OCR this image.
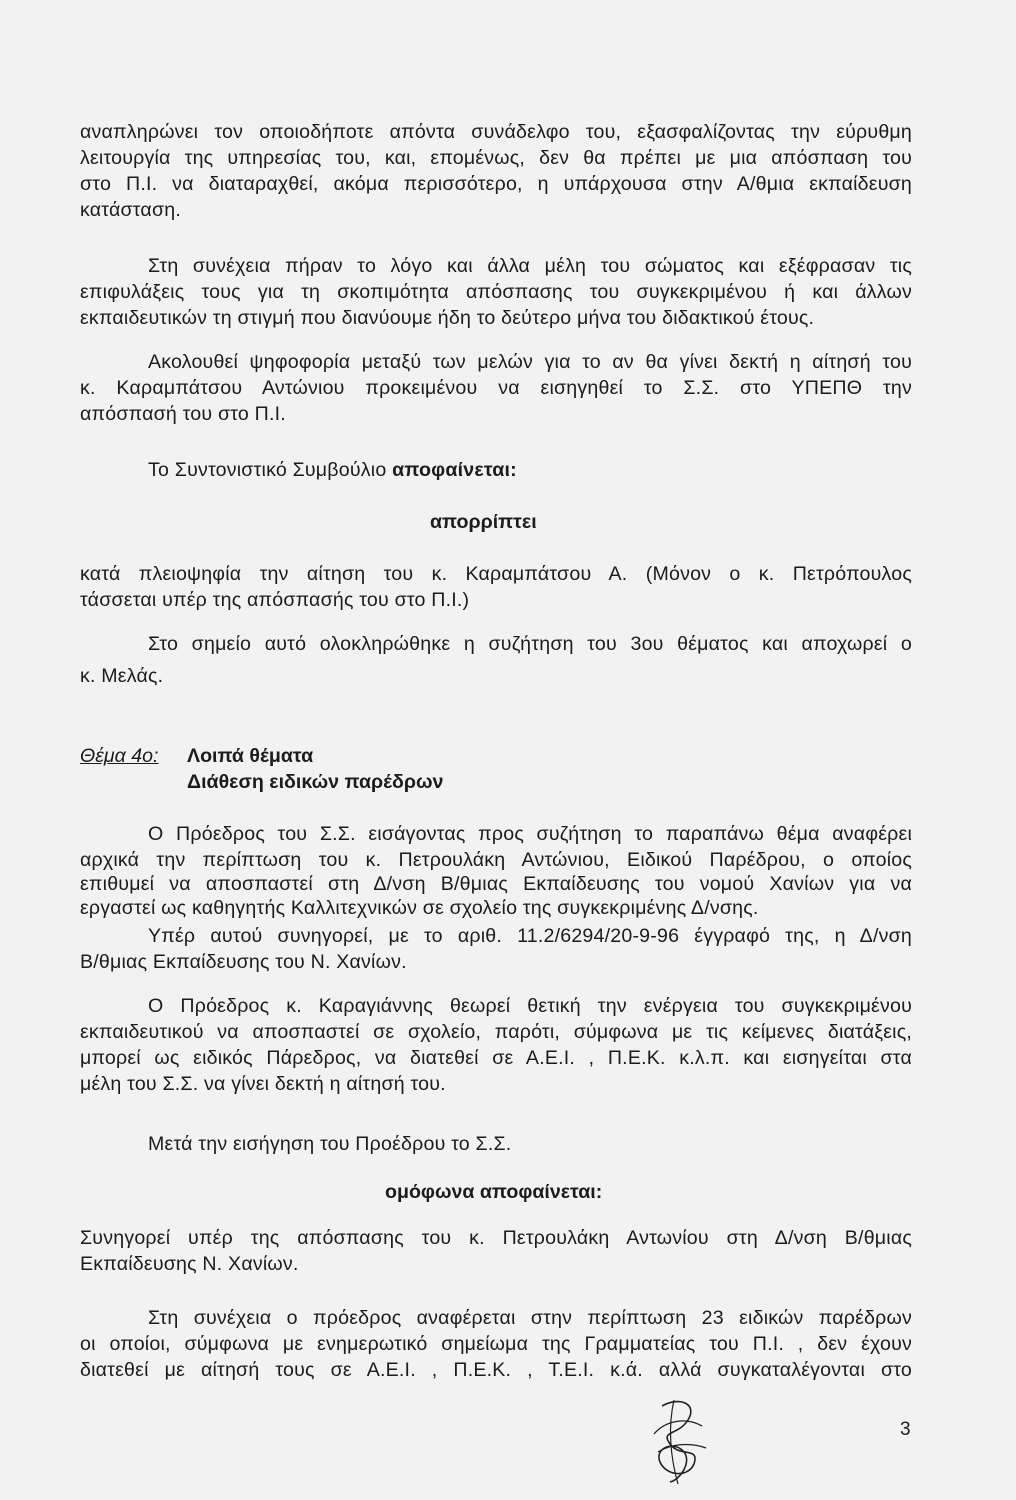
αναπληρώνει τον οποιοδήποτε απόντα συνάδελφο του, εξασφαλίζοντας την εύρυθμη
λειτουργία της υπηρεσίας του, και, επομένως, δεν θα πρέπει με μια απόσπαση του
στο Π.Ι. να διαταραχθεί, ακόμα περισσότερο, η υπάρχουσα στην Α/θμια εκπαίδευση
κατάσταση.
Στη συνέχεια πήραν το λόγο και άλλα μέλη του σώματος και εξέφρασαν τις
επιφυλάξεις τους για τη σκοπιμότητα απόσπασης του συγκεκριμένου ή και άλλων
εκπαιδευτικών τη στιγμή που διανύουμε ήδη το δεύτερο μήνα του διδακτικού έτους.
Ακολουθεί ψηφοφορία μεταξύ των μελών για το αν θα γίνει δεκτή η αίτησή του
κ. Καραμπάτσου Αντώνιου προκειμένου να εισηγηθεί το Σ.Σ. στο ΥΠΕΠΘ την
απόσπασή του στο Π.Ι.
Το Συντονιστικό Συμβούλιο αποφαίνεται:
απορρίπτει
κατά πλειοψηφία την αίτηση του κ. Καραμπάτσου Α. (Μόνον ο κ. Πετρόπουλος
τάσσεται υπέρ της απόσπασής του στο Π.Ι.)
Στο σημείο αυτό ολοκληρώθηκε η συζήτηση του 3ου θέματος και αποχωρεί ο
κ. Μελάς.
Θέμα 4ο: Λοιπά θέματα
Διάθεση ειδικών παρέδρων
Ο Πρόεδρος του Σ.Σ. εισάγοντας προς συζήτηση το παραπάνω θέμα αναφέρει
αρχικά την περίπτωση του κ. Πετρουλάκη Αντώνιου, Ειδικού Παρέδρου, ο οποίος
επιθυμεί να αποσπαστεί στη Δ/νση Β/θμιας Εκπαίδευσης του νομού Χανίων για να
εργαστεί ως καθηγητής Καλλιτεχνικών σε σχολείο της συγκεκριμένης Δ/νσης.
Υπέρ αυτού συνηγορεί, με το αριθ. 11.2/6294/20-9-96 έγγραφό της, η Δ/νση
Β/θμιας Εκπαίδευσης του Ν. Χανίων.
Ο Πρόεδρος κ. Καραγιάννης θεωρεί θετική την ενέργεια του συγκεκριμένου
εκπαιδευτικού να αποσπαστεί σε σχολείο, παρότι, σύμφωνα με τις κείμενες διατάξεις,
μπορεί ως ειδικός Πάρεδρος, να διατεθεί σε Α.Ε.Ι. , Π.Ε.Κ. κ.λ.π. και εισηγείται στα
μέλη του Σ.Σ. να γίνει δεκτή η αίτησή του.
Μετά την εισήγηση του Προέδρου το Σ.Σ.
ομόφωνα αποφαίνεται:
Συνηγορεί υπέρ της απόσπασης του κ. Πετρουλάκη Αντωνίου στη Δ/νση Β/θμιας
Εκπαίδευσης Ν. Χανίων.
Στη συνέχεια ο πρόεδρος αναφέρεται στην περίπτωση 23 ειδικών παρέδρων
οι οποίοι, σύμφωνα με ενημερωτικό σημείωμα της Γραμματείας του Π.Ι. , δεν έχουν
διατεθεί με αίτησή τους σε Α.Ε.Ι. , Π.Ε.Κ. , Τ.Ε.Ι. κ.ά. αλλά συγκαταλέγονται στο
3
